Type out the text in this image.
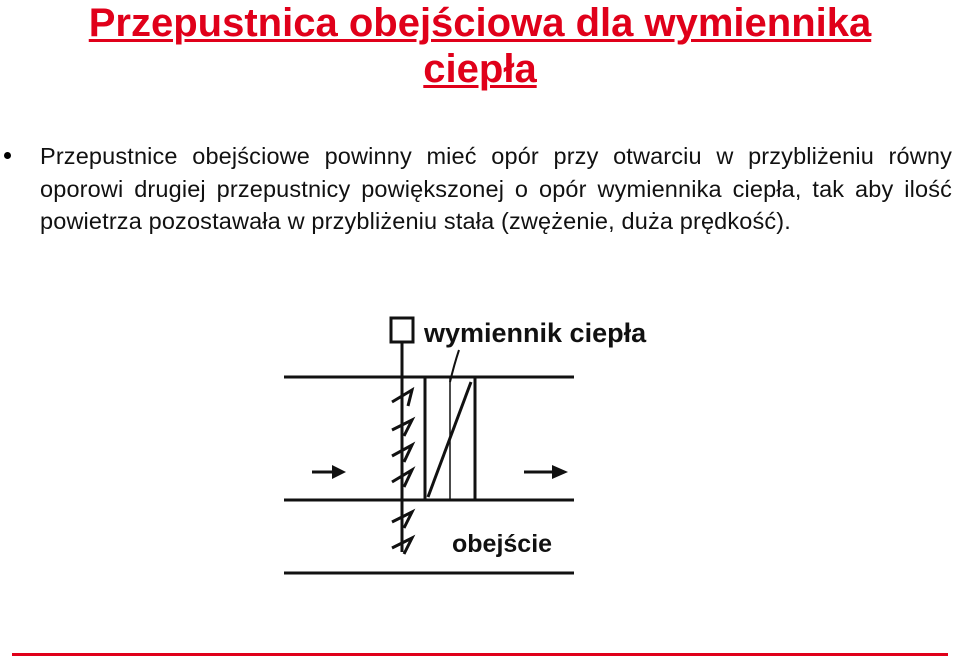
Przepustnica obejściowa dla wymiennika
ciepła
Przepustnice obejściowe powinny mieć opór przy otwarciu w przybliżeniu równy oporowi drugiej przepustnicy powiększonej o opór wymiennika ciepła, tak aby ilość powietrza pozostawała w przybliżeniu stała (zwężenie, duża prędkość).
wymiennik ciepła
obejście
